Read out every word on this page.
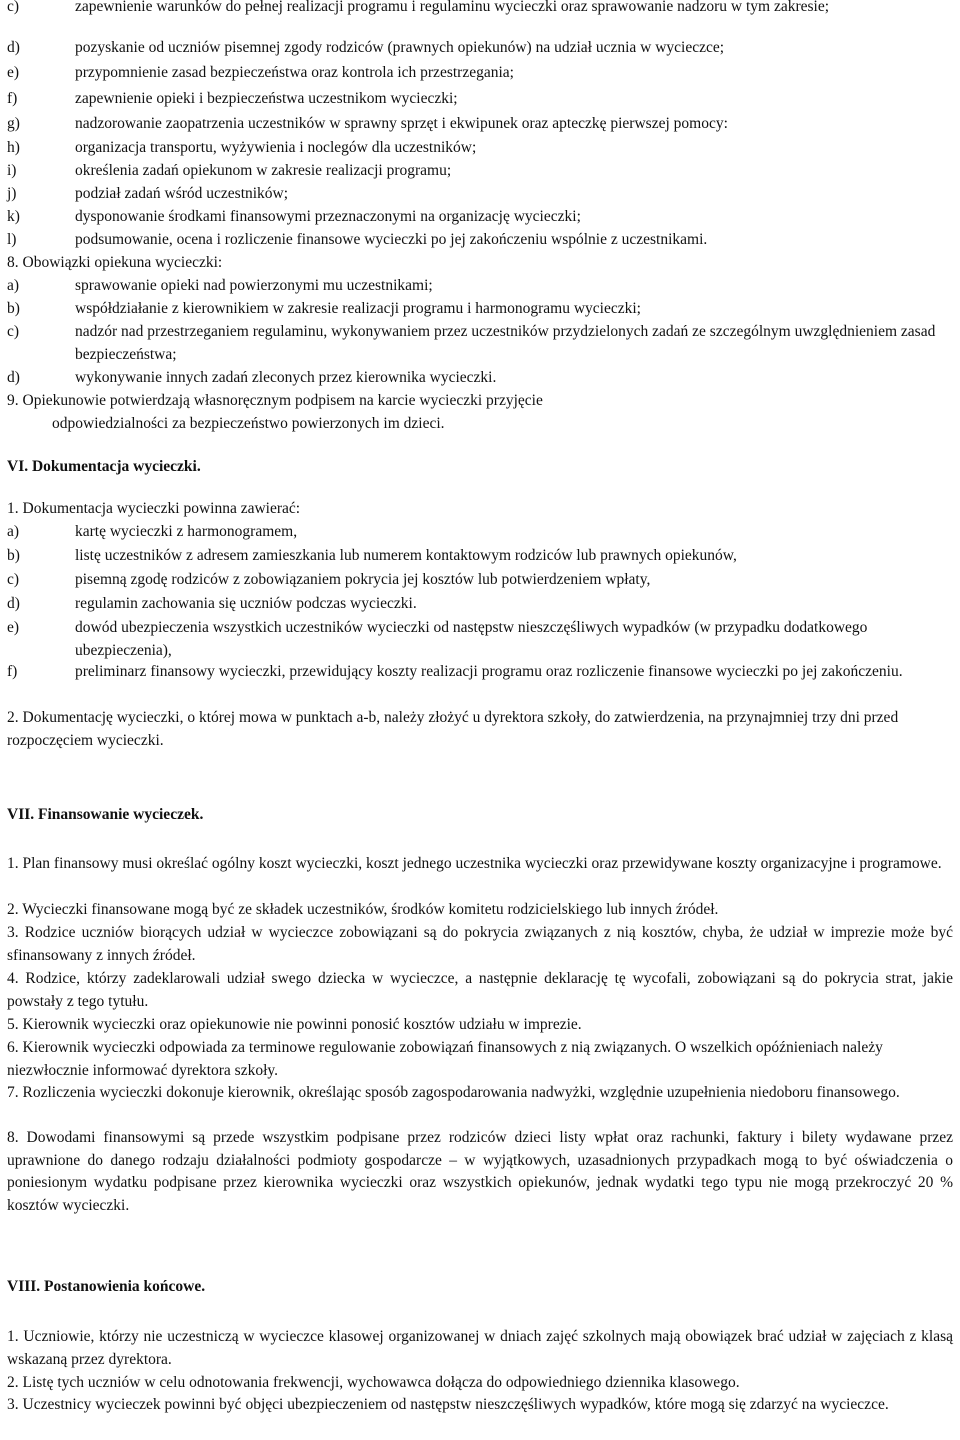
c)	zapewnienie warunków do pełnej realizacji programu i regulaminu wycieczki oraz sprawowanie nadzoru w tym zakresie;
d)	pozyskanie od uczniów pisemnej zgody rodziców (prawnych opiekunów) na udział ucznia w wycieczce;
e)	przypomnienie zasad bezpieczeństwa oraz kontrola ich przestrzegania;
f)	zapewnienie opieki i bezpieczeństwa uczestnikom wycieczki;
g)	nadzorowanie zaopatrzenia uczestników w sprawny sprzęt i ekwipunek oraz apteczkę pierwszej pomocy:
h)	organizacja transportu, wyżywienia i noclegów dla uczestników;
i)	określenia zadań opiekunom w zakresie realizacji programu;
j)	podział zadań wśród uczestników;
k)	dysponowanie środkami finansowymi przeznaczonymi na organizację wycieczki;
l)	podsumowanie, ocena i rozliczenie finansowe wycieczki po jej zakończeniu wspólnie z uczestnikami.
8. Obowiązki opiekuna wycieczki:
a)	sprawowanie opieki nad powierzonymi mu uczestnikami;
b)	współdziałanie z kierownikiem w zakresie realizacji programu i harmonogramu wycieczki;
c)	nadzór nad przestrzeganiem regulaminu, wykonywaniem przez uczestników przydzielonych zadań ze szczególnym uwzględnieniem zasad bezpieczeństwa;
d)	wykonywanie innych zadań zleconych przez kierownika wycieczki.
9. Opiekunowie potwierdzają własnoręcznym podpisem na karcie wycieczki przyjęcie
odpowiedzialności za bezpieczeństwo powierzonych im dzieci.
VI. Dokumentacja wycieczki.
1. Dokumentacja wycieczki powinna zawierać:
a)	kartę wycieczki z harmonogramem,
b)	listę uczestników z adresem zamieszkania lub numerem kontaktowym rodziców lub prawnych opiekunów,
c)	pisemną zgodę rodziców z zobowiązaniem pokrycia jej kosztów lub potwierdzeniem wpłaty,
d)	regulamin zachowania się uczniów podczas wycieczki.
e)	dowód ubezpieczenia wszystkich uczestników wycieczki od następstw nieszczęśliwych wypadków (w przypadku dodatkowego ubezpieczenia),
f)	preliminarz finansowy wycieczki, przewidujący koszty realizacji programu oraz rozliczenie finansowe wycieczki po jej zakończeniu.
2. Dokumentację wycieczki, o której mowa w punktach a-b, należy złożyć u dyrektora szkoły, do zatwierdzenia, na przynajmniej trzy dni przed rozpoczęciem wycieczki.
VII. Finansowanie wycieczek.
1. Plan finansowy musi określać ogólny koszt wycieczki, koszt jednego uczestnika wycieczki oraz przewidywane koszty organizacyjne i programowe.
2. Wycieczki finansowane mogą być ze składek uczestników, środków komitetu rodzicielskiego lub innych źródeł.
3. Rodzice uczniów biorących udział w wycieczce zobowiązani są do pokrycia związanych z nią kosztów, chyba, że udział w imprezie może być sfinansowany z innych źródeł.
4. Rodzice, którzy zadeklarowali udział swego dziecka w wycieczce, a następnie deklarację tę wycofali, zobowiązani są do pokrycia strat, jakie powstały z tego tytułu.
5. Kierownik wycieczki oraz opiekunowie nie powinni ponosić kosztów udziału w imprezie.
6. Kierownik wycieczki odpowiada za terminowe regulowanie zobowiązań finansowych z nią związanych. O wszelkich opóźnieniach należy niezwłocznie informować dyrektora szkoły.
7. Rozliczenia wycieczki dokonuje kierownik, określając sposób zagospodarowania nadwyżki, względnie uzupełnienia niedoboru finansowego.
8. Dowodami finansowymi są przede wszystkim podpisane przez rodziców dzieci listy wpłat oraz rachunki, faktury i bilety wydawane przez uprawnione do danego rodzaju działalności podmioty gospodarcze – w wyjątkowych, uzasadnionych przypadkach mogą to być oświadczenia o poniesionym wydatku podpisane przez kierownika wycieczki oraz wszystkich opiekunów, jednak wydatki tego typu nie mogą przekroczyć 20 % kosztów wycieczki.
VIII. Postanowienia końcowe.
1. Uczniowie, którzy nie uczestniczą w wycieczce klasowej organizowanej w dniach zajęć szkolnych mają obowiązek brać udział w zajęciach z klasą wskazaną przez dyrektora.
2. Listę tych uczniów w celu odnotowania frekwencji, wychowawca dołącza do odpowiedniego dziennika klasowego.
3. Uczestnicy wycieczek powinni być objęci ubezpieczeniem od następstw nieszczęśliwych wypadków, które mogą się zdarzyć na wycieczce.
